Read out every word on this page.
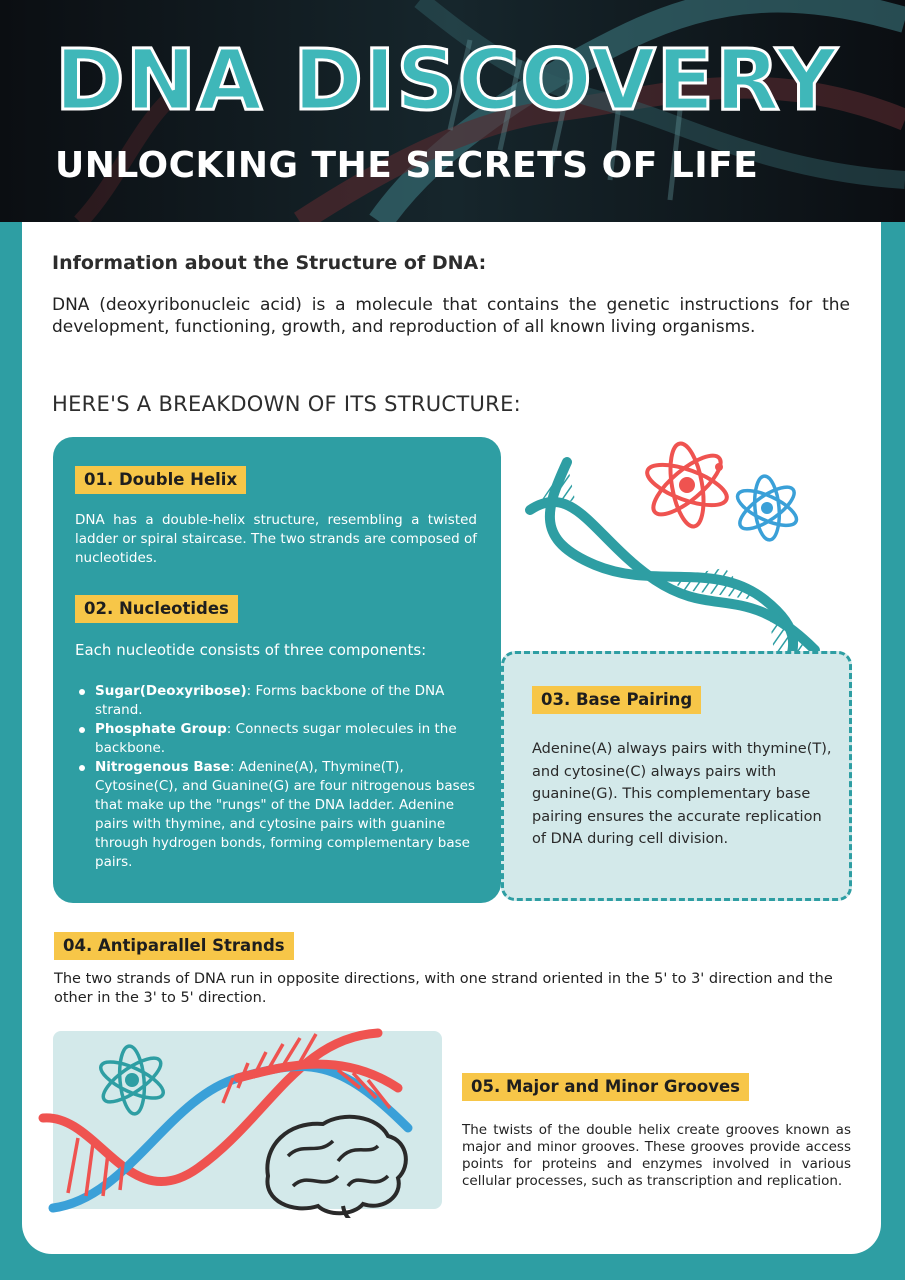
DNA DISCOVERY
UNLOCKING THE SECRETS OF LIFE
Information about the Structure of DNA:
DNA (deoxyribonucleic acid) is a molecule that contains the genetic instructions for the development, functioning, growth, and reproduction of all known living organisms.
HERE'S A BREAKDOWN OF ITS STRUCTURE:
01. Double Helix
DNA has a double-helix structure, resembling a twisted ladder or spiral staircase. The two strands are composed of nucleotides.
02. Nucleotides
Each nucleotide consists of three components:
Sugar(Deoxyribose): Forms backbone of the DNA strand.
Phosphate Group: Connects sugar molecules in the backbone.
Nitrogenous Base: Adenine(A), Thymine(T), Cytosine(C), and Guanine(G) are four nitrogenous bases that make up the "rungs" of the DNA ladder. Adenine pairs with thymine, and cytosine pairs with guanine through hydrogen bonds, forming complementary base pairs.
03. Base Pairing
Adenine(A) always pairs with thymine(T), and cytosine(C) always pairs with guanine(G). This complementary base pairing ensures the accurate replication of DNA during cell division.
04. Antiparallel Strands
The two strands of DNA run in opposite directions, with one strand oriented in the 5' to 3' direction and the other in the 3' to 5' direction.
05. Major and Minor Grooves
The twists of the double helix create grooves known as major and minor grooves. These grooves provide access points for proteins and enzymes involved in various cellular processes, such as transcription and replication.
